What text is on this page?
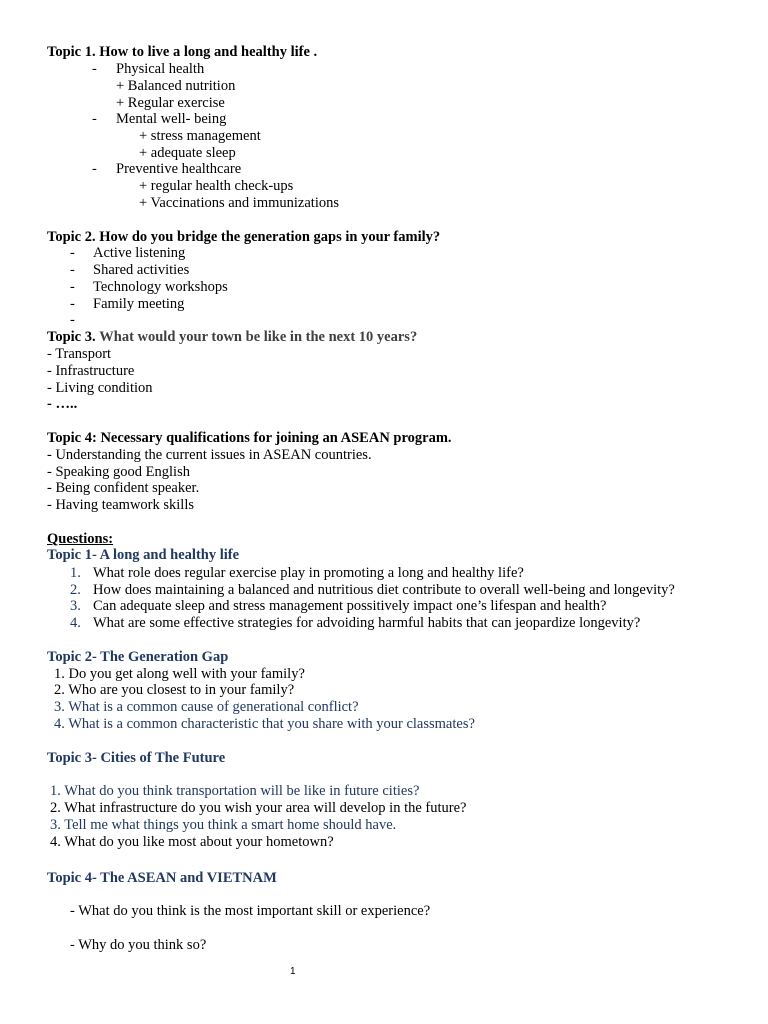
Topic 1. How to live a long and healthy life .
- Physical health
+ Balanced nutrition
+ Regular exercise
- Mental well- being
+ stress management
+ adequate sleep
- Preventive healthcare
+ regular health check-ups
+ Vaccinations and immunizations
Topic 2. How do you bridge the generation gaps in your family?
- Active listening
- Shared activities
- Technology workshops
- Family meeting
-
Topic 3. What would your town be like in the next 10 years?
- Transport
- Infrastructure
- Living condition
- …..
Topic 4: Necessary qualifications for joining an ASEAN program.
- Understanding the current issues in ASEAN countries.
- Speaking good English
- Being confident speaker.
- Having teamwork skills
Questions:
Topic 1- A long and healthy life
1. What role does regular exercise play in promoting a long and healthy life?
2. How does maintaining a balanced and nutritious diet contribute to overall well-being and longevity?
3. Can adequate sleep and stress management possitively impact one’s lifespan and health?
4. What are some effective strategies for advoiding harmful habits that can jeopardize longevity?
Topic 2- The Generation Gap
1. Do you get along well with your family?
2. Who are you closest to in your family?
3. What is a common cause of generational conflict?
4. What is a common characteristic that you share with your classmates?
Topic 3- Cities of The Future
1. What do you think transportation will be like in future cities?
2. What infrastructure do you wish your area will develop in the future?
3. Tell me what things you think a smart home should have.
4. What do you like most about your hometown?
Topic 4- The ASEAN and VIETNAM
- What do you think is the most important skill or experience?
- Why do you think so?
1
